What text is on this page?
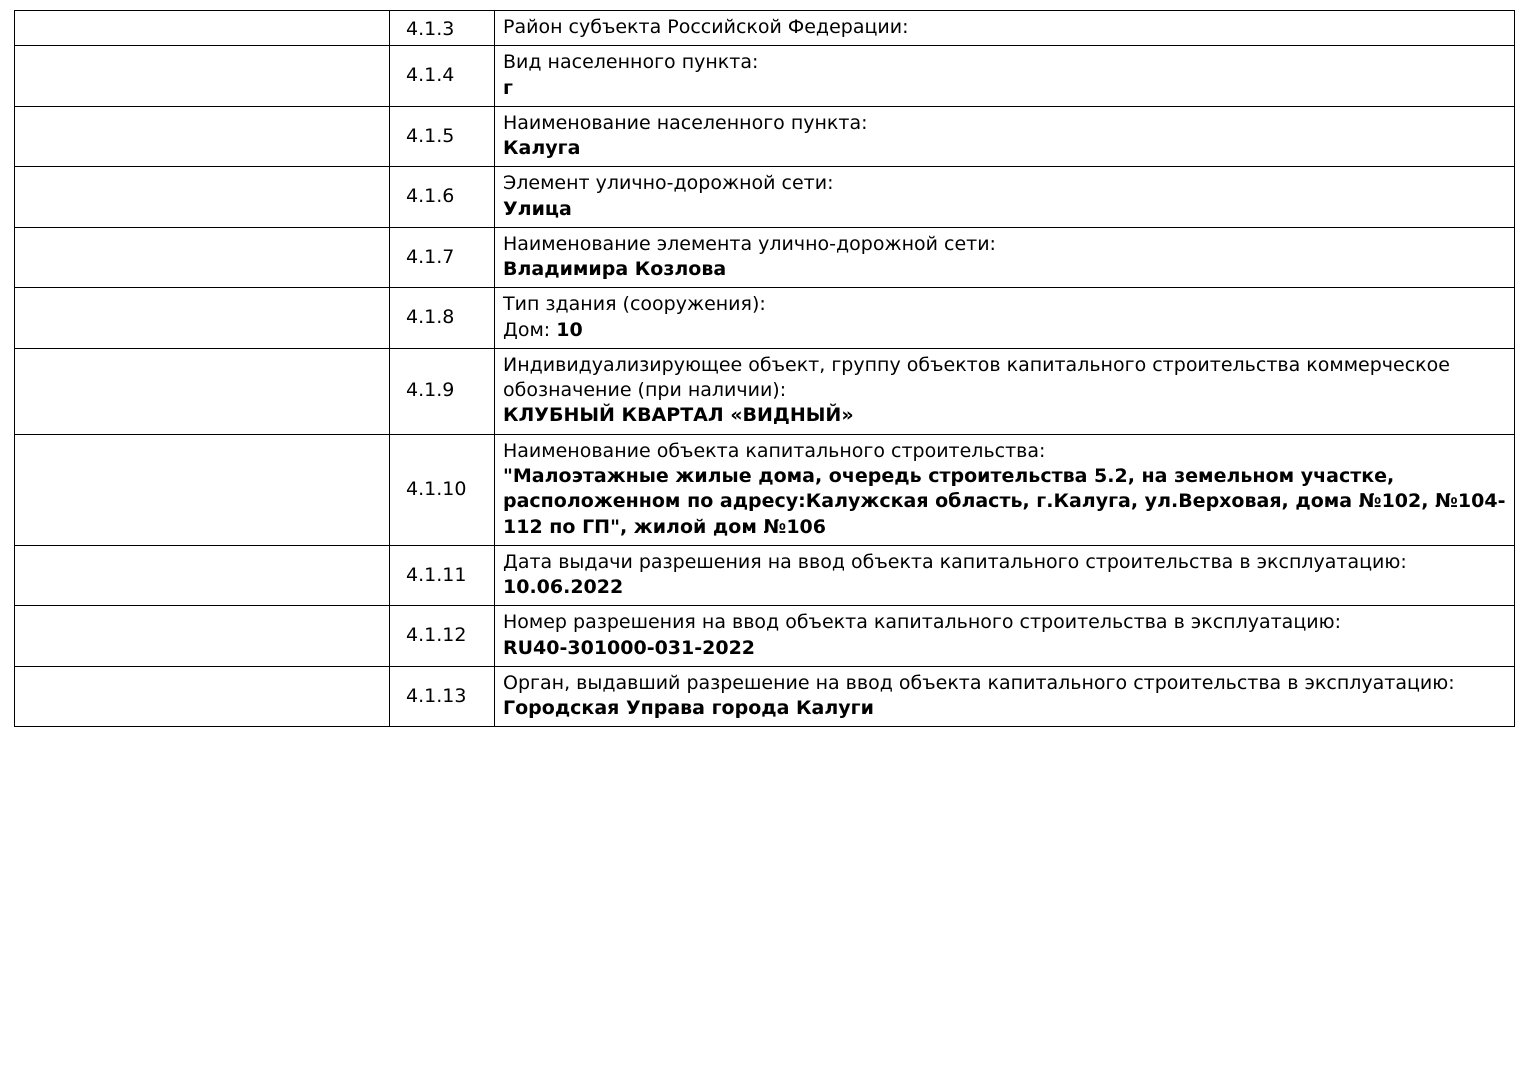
	4.1.3	Район субъекта Российской Федерации:

	4.1.4	Вид населенного пункта:
г

	4.1.5	Наименование населенного пункта:
Калуга

	4.1.6	Элемент улично-дорожной сети:
Улица

	4.1.7	Наименование элемента улично-дорожной сети:
Владимира Козлова

	4.1.8	Тип здания (сооружения):
Дом: 10

	4.1.9	Индивидуализирующее объект, группу объектов капитального строительства коммерческое обозначение (при наличии):
КЛУБНЫЙ КВАРТАЛ «ВИДНЫЙ»

	4.1.10	Наименование объекта капитального строительства:
"Малоэтажные жилые дома, очередь строительства 5.2, на земельном участке, расположенном по адресу:Калужская область, г.Калуга, ул.Верховая, дома №102, №104-112 по ГП", жилой дом №106

	4.1.11	Дата выдачи разрешения на ввод объекта капитального строительства в эксплуатацию:
10.06.2022

	4.1.12	Номер разрешения на ввод объекта капитального строительства в эксплуатацию:
RU40-301000-031-2022

	4.1.13	Орган, выдавший разрешение на ввод объекта капитального строительства в эксплуатацию:
Городская Управа города Калуги
